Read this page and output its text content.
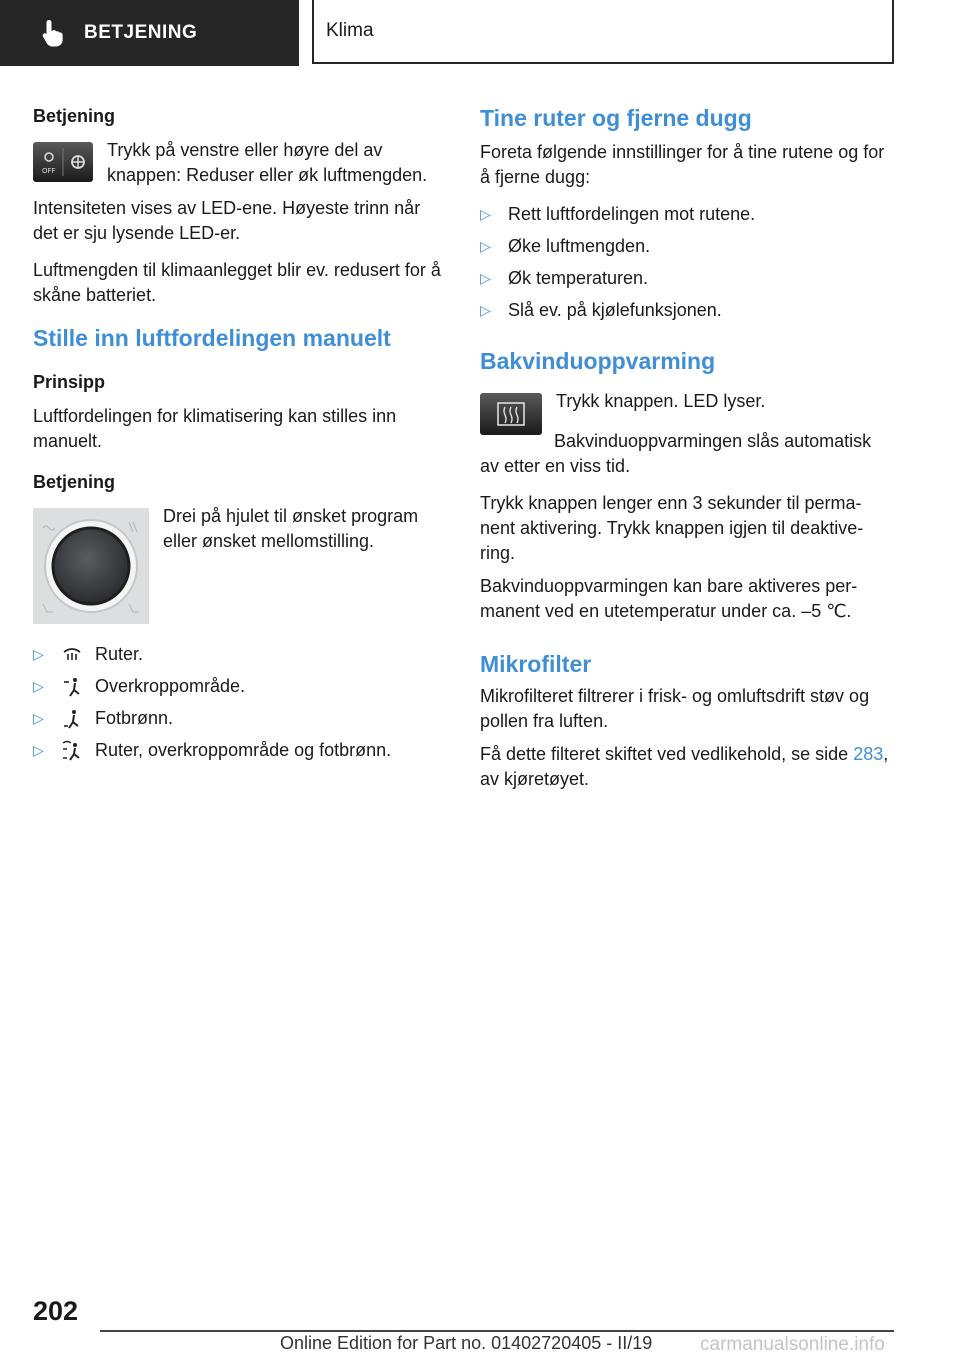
BETJENING	Klima
Betjening
OFF

Trykk på venstre eller høyre del av knappen: Reduser eller øk luftmengden.

Intensiteten vises av LED-ene. Høyeste trinn når det er sju lysende LED-er.

Luftmengden til klimaanlegget blir ev. redusert for å skåne batteriet.

Stille inn luftfordelingen manuelt
Prinsipp

Luftfordelingen for klimatisering kan stilles inn manuelt.

Betjening

Drei på hjulet til ønsket program eller ønsket mellomstilling.

▷	Ruter.
▷	Overkroppområde.
▷	Fotbrønn.
▷	Ruter, overkroppområde og fotbrønn.
Tine ruter og fjerne dugg

Foreta følgende innstillinger for å tine rutene og for å fjerne dugg:

▷ Rett luftfordelingen mot rutene.
▷ Øke luftmengden.
▷ Øk temperaturen.
▷ Slå ev. på kjølefunksjonen.
Bakvinduoppvarming

Trykk knappen. LED lyser.

Bakvinduoppvarmingen slås automatisk av etter en viss tid.

Trykk knappen lenger enn 3 sekunder til permanent aktivering. Trykk knappen igjen til deaktivering.

Bakvinduoppvarmingen kan bare aktiveres permanent ved en utetemperatur under ca. –5 ℃.

Mikrofilter

Mikrofilteret filtrerer i frisk- og omluftsdrift støv og pollen fra luften.

Få dette filteret skiftet ved vedlikehold, se side 283, av kjøretøyet.

202
Online Edition for Part no. 01402720405 - II/19	carmanualsonline.info
